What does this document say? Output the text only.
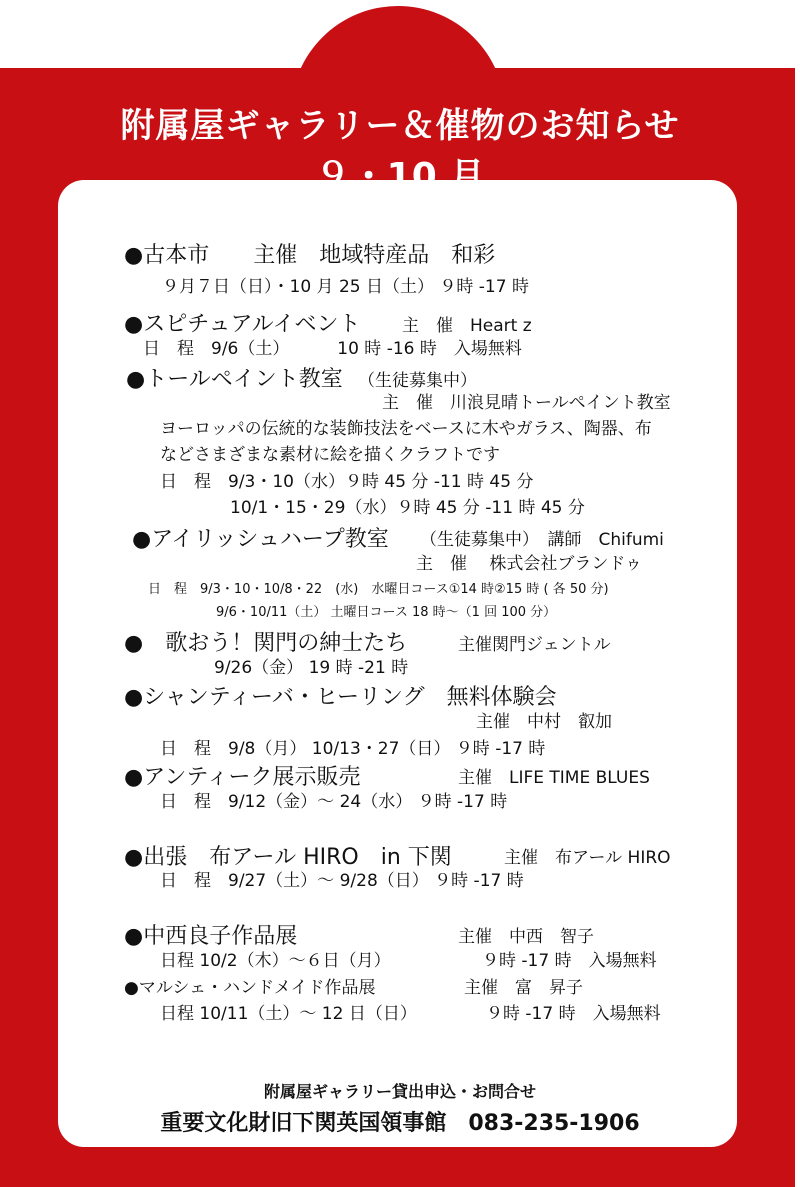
附属屋ギャラリー＆催物のお知らせ
９・10 月
●古本市　　主催　地域特産品　和彩
９月７日（日）・10 月 25 日（土） ９時 -17 時
●スピチュアルイベント 主　催　Heart z
日　程　9/6（土）　　　 10 時 -16 時　入場無料
●トールペイント教室 （生徒募集中）
主　催　川浪見晴トールペイント教室
ヨーロッパの伝統的な装飾技法をベースに木やガラス、陶器、布
などさまざまな素材に絵を描くクラフトです
日　程　9/3・10（水）９時 45 分 -11 時 45 分
10/1・15・29（水）９時 45 分 -11 時 45 分
●アイリッシュハープ教室 （生徒募集中）　講師　Chifumi
主　催　 株式会社ブランドゥ
日　程　9/3・10・10/8・22　(水)　水曜日コース①14 時②15 時 ( 各 50 分)
9/6・10/11（土） 土曜日コース 18 時～（1 回 100 分）
●　歌おう！関門の紳士たち	主催関門ジェントル
9/26（金） 19 時 -21 時
●シャンティーバ・ヒーリング　無料体験会
主催　中村　叡加
日　程　9/8（月） 10/13・27（日） ９時 -17 時
●アンティーク展示販売	主催　LIFE TIME BLUES
日　程　9/12（金）～ 24（水） ９時 -17 時
●出張　布アール HIRO　in 下関	主催　布アール HIRO
日　程　9/27（土）～ 9/28（日） ９時 -17 時
●中西良子作品展	主催　中西　智子
日程 10/2（木）～６日（月）	９時 -17 時　入場無料
●マルシェ・ハンドメイド作品展	主催　富　昇子
日程 10/11（土）～ 12 日（日）	９時 -17 時　入場無料
附属屋ギャラリー貸出申込・お問合せ
重要文化財旧下関英国領事館　083-235-1906
